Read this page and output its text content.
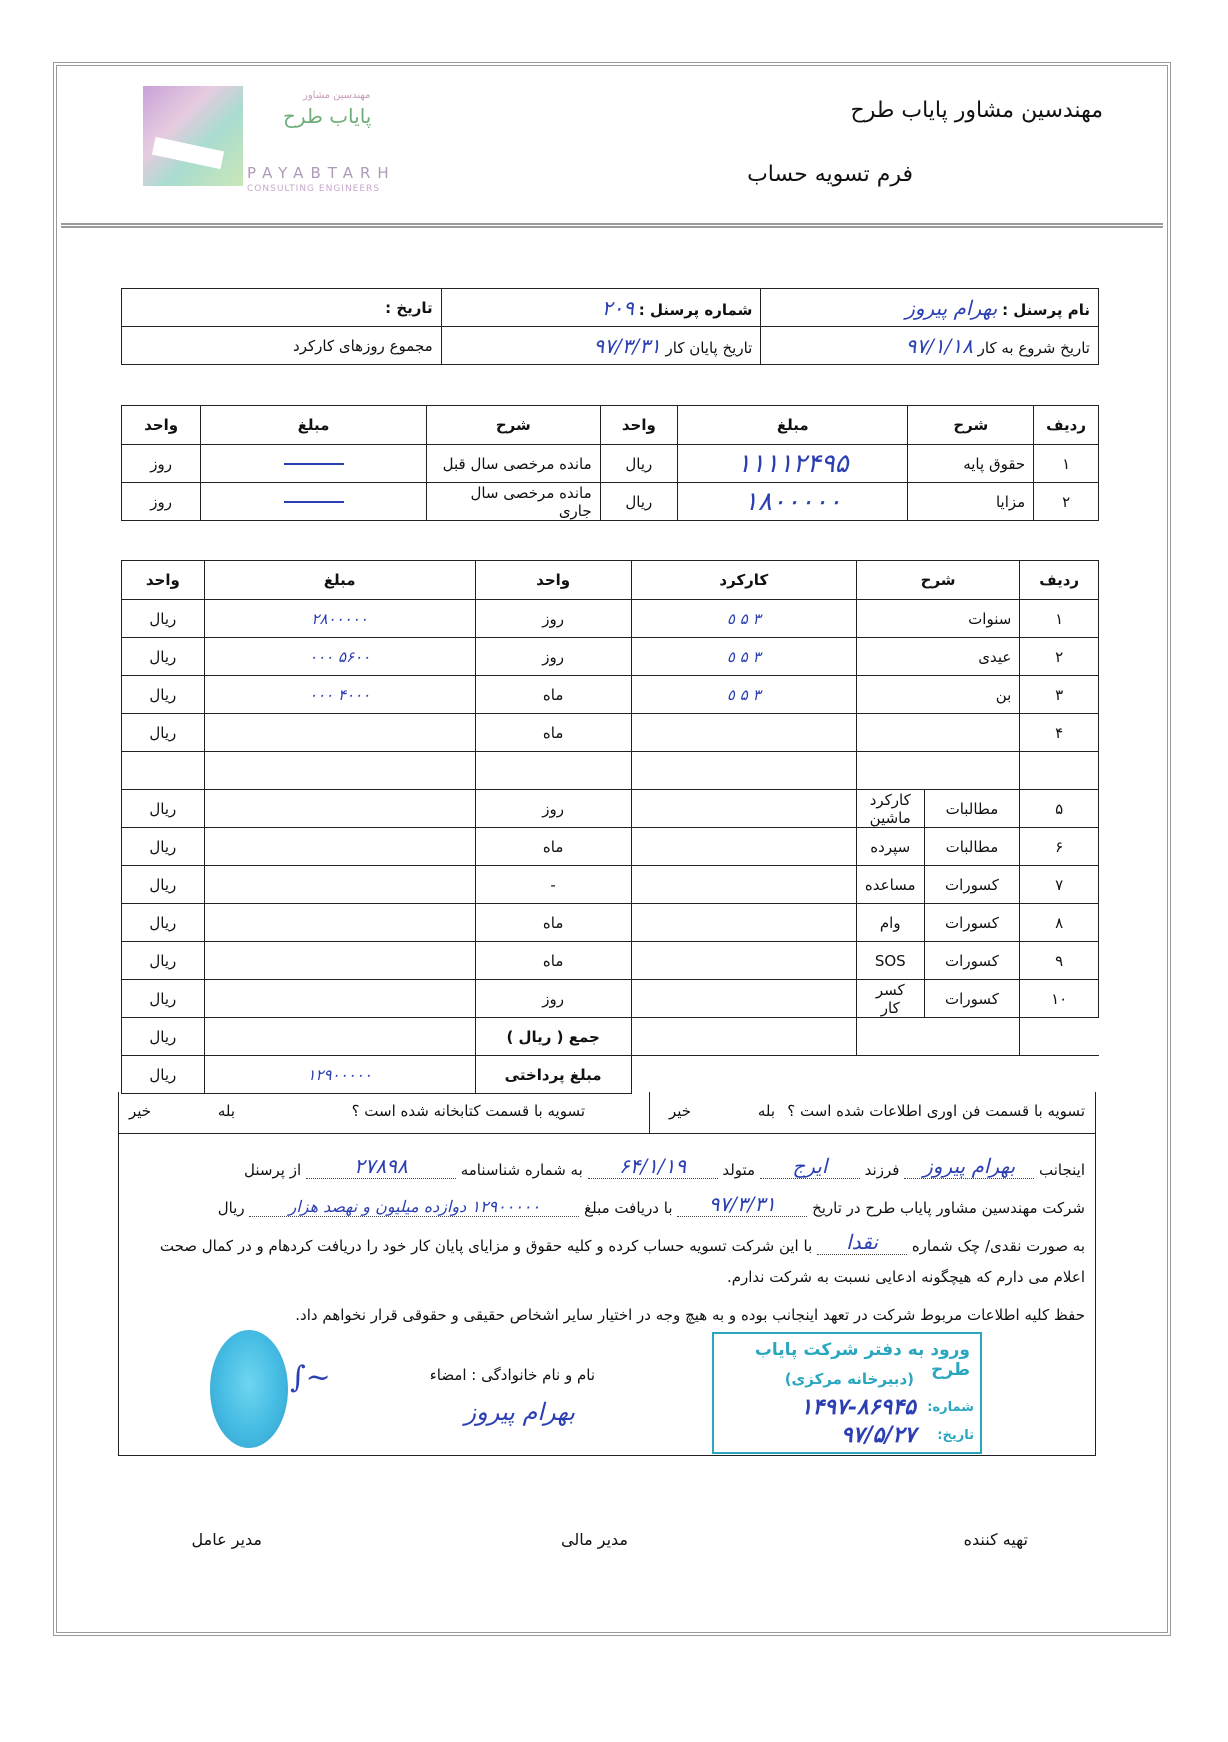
مهندسین مشاور
پایاب طرح
PAYABTARH
CONSULTING ENGINEERS
مهندسین مشاور پایاب طرح
فرم تسویه حساب
نام پرسنل : بهرام پیروز	شماره پرسنل : ۲۰۹	تاریخ :
تاریخ شروع به کار ۹۷/۱/۱۸	تاریخ پایان کار ۹۷/۳/۳۱	مجموع روزهای کارکرد
ردیف	شرح	مبلغ	واحد	شرح	مبلغ	واحد
۱	حقوق پایه	۱۱۱۱۲۴۹۵	ریال	مانده مرخصی سال قبل		روز
۲	مزایا	۱۸۰۰۰۰۰	ریال	مانده مرخصی سال جاری		روز
ردیف	شرح		کارکرد	واحد	مبلغ	واحد
۱	سنوات		۳ ۵ ٥	روز	۲۸۰۰۰۰۰	ریال
۲	عیدی		۳ ۵ ٥	روز	۵۶۰۰ ۰۰۰	ریال
۳	بن		۳ ۵ ٥	ماه	۴۰۰۰ ۰۰۰	ریال
۴				ماه		ریال

۵	مطالبات	کارکرد ماشین		روز		ریال
۶	مطالبات	سپرده		ماه		ریال
۷	کسورات	مساعده		-		ریال
۸	کسورات	وام		ماه		ریال
۹	کسورات	SOS		ماه		ریال
۱۰	کسورات	کسر کار		روز		ریال
				جمع ( ریال )		ریال
				مبلغ پرداختی	۱۲۹۰۰۰۰۰	ریال
تسویه با قسمت فن اوری اطلاعات شده است ؟
بله              خیر
تسویه با قسمت کتابخانه شده است ؟
بله              خیر
اینجانب بهرام پیروز فرزند ایرج متولد ۶۴/۱/۱۹ به شماره شناسنامه ۲۷۸۹۸ از پرسنل
شرکت مهندسین مشاور پایاب طرح در تاریخ ۹۷/۳/۳۱ با دریافت مبلغ ۱۲۹۰۰۰۰۰ دوازده میلیون و نهصد هزار ریال
به صورت نقدی/ چک شماره نقدا با این شرکت تسویه حساب کرده و کلیه حقوق و مزایای پایان کار خود را دریافت کردهام و در کمال صحت
اعلام می دارم که هیچگونه ادعایی نسبت به شرکت ندارم.
حفظ کلیه اطلاعات مربوط شرکت در تعهد اینجانب بوده و به هیچ وجه در اختیار سایر اشخاص حقیقی و حقوقی قرار نخواهم داد.
نام و نام خانوادگی : امضاء
بهرام پیروز
∫~
ورود به دفتر شرکت پایاب طرح
(دبیرخانه مرکزی)
شماره:
۱۴۹۷-۸۶۹۴۵
تاریخ:
۹۷/۵/۲۷
تهیه کننده
مدیر مالی
مدیر عامل
